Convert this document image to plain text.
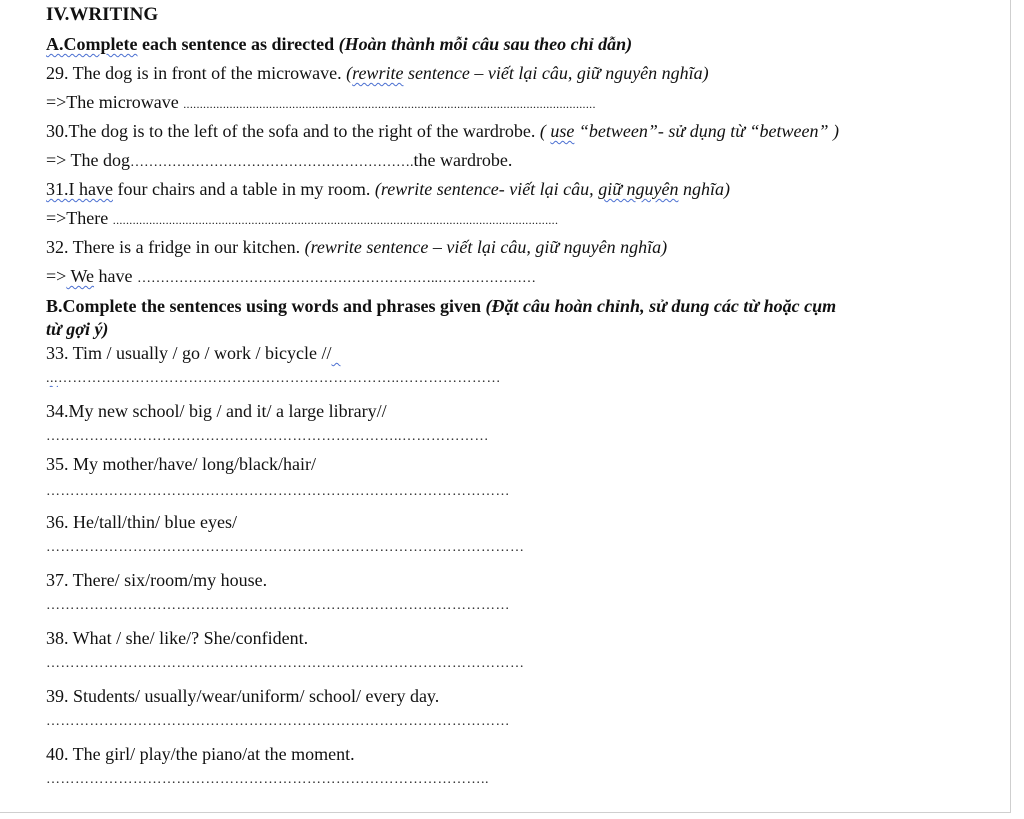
IV.WRITING
A.Complete each sentence as directed (Hoàn thành mỗi câu sau theo chỉ dẫn)
29. The dog is in front of the microwave. (rewrite sentence – viết lại câu, giữ nguyên nghĩa)
=>The microwave .............................................................................................................................
30.The dog is to the left of the sofa and to the right of the wardrobe. ( use “between”- sử dụng từ “between” )
=> The dog…………………………………………………….the wardrobe.
31.I have four chairs and a table in my room. (rewrite sentence- viết lại câu, giữ nguyên nghĩa)
=>There .......................................................................................................................................
32. There is a fridge in our kitchen. (rewrite sentence – viết lại câu, giữ nguyên nghĩa)
=> We have ………………………………………………………..…………………
B.Complete the sentences using words and phrases given (Đặt câu hoàn chỉnh, sử dung các từ hoặc cụm
từ gợi ý)
33. Tim / usually / go / work / bicycle //
...……………………………………………………………..…………………
34.My new school/ big / and it/ a large library//
………………………………………………………………..………………
35. My mother/have/ long/black/hair/
……………………………………………………………………………………
36. He/tall/thin/ blue eyes/
………………………………………………………………………………………
37. There/ six/room/my house.
……………………………………………………………………………………
38. What / she/ like/? She/confident.
………………………………………………………………………………………
39. Students/ usually/wear/uniform/ school/ every day.
……………………………………………………………………………………
40. The girl/ play/the piano/at the moment.
………………………………………………………………………………..
